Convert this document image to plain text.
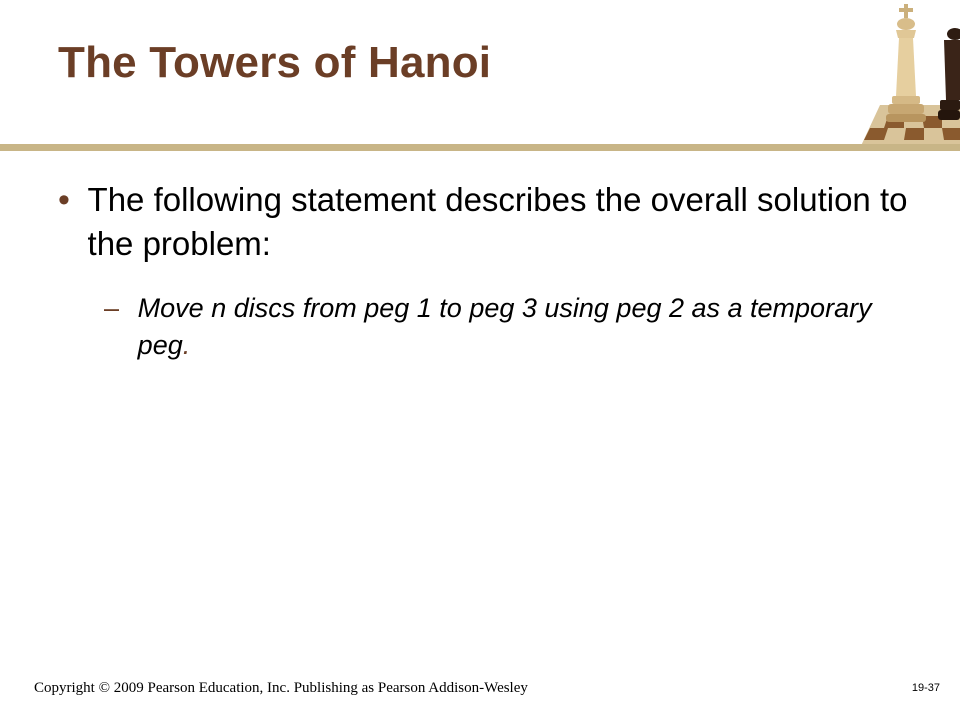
The Towers of Hanoi
• The following statement describes the overall solution to the problem:
– Move n discs from peg 1 to peg 3 using peg 2 as a temporary peg.
Copyright © 2009 Pearson Education, Inc. Publishing as Pearson Addison-Wesley	19-37
